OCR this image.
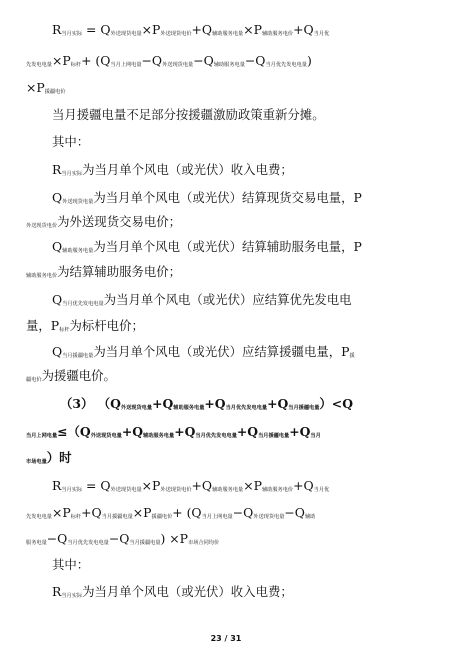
R当月实际 = Q外送现货电量×P外送现货电价+Q辅助服务电量×P辅助服务电价+Q当月优
先发电电量×P标杆+ (Q当月上网电量−Q外送现货电量−Q辅助服务电量−Q当月优先发电电量)
×P援疆电价
当月援疆电量不足部分按援疆激励政策重新分摊。
其中：
R当月实际为当月单个风电（或光伏）收入电费；
Q外送现货电量为当月单个风电（或光伏）结算现货交易电量，P
外送现货电价为外送现货交易电价；
Q辅助服务电量为当月单个风电（或光伏）结算辅助服务电量，P
辅助服务电价为结算辅助服务电价；
Q当月优先发电电量为当月单个风电（或光伏）应结算优先发电电
量，P标杆为标杆电价；
Q当月援疆电量为当月单个风电（或光伏）应结算援疆电量，P援
疆电价为援疆电价。
（3） （Q外送现货电量+Q辅助服务电量+Q当月优先发电电量+Q当月援疆电量）<Q
当月上网电量≤（Q外送现货电量+Q辅助服务电量+Q当月优先发电电量+Q当月援疆电量+Q当月
市场电量）时
R当月实际 = Q外送现货电量×P外送现货电价+Q辅助服务电量×P辅助服务电价+Q当月优
先发电电量×P标杆+Q当月援疆电量×P援疆电价+ (Q当月上网电量−Q外送现货电量−Q辅助
服务电量−Q当月优先发电电量−Q当月援疆电量) ×P市场合同均价
其中：
R当月实际为当月单个风电（或光伏）收入电费；
23 / 31
